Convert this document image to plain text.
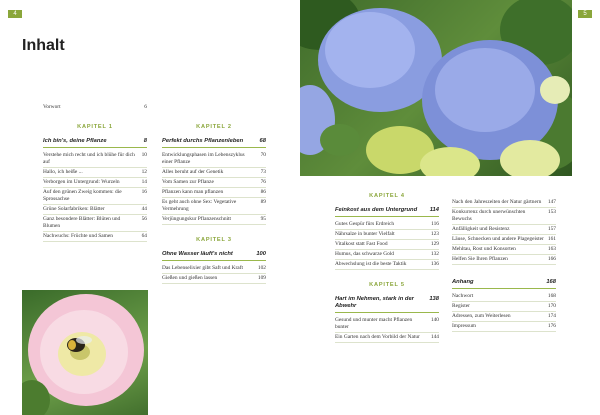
4	5
Inhalt
Vorwort	6
KAPITEL 1
Ich bin's, deine Pflanze	8
Verstehe mich recht und ich blühe für dich auf
10
Hallo, ich heiße ...	12
Verborgen im Untergrund: Wurzeln	14
Auf den grünen Zweig kommen: die Sprossachse
16
Grüne Solarfabriken: Blätter	44
Ganz besondere Blätter: Blüten und Blumen
56
Nachwuchs: Früchte und Samen	64
KAPITEL 2
Perfekt durchs Pflanzenleben	68
Entwicklungsphasen im Lebenszyklus einer Pflanze
70
Alles beruht auf der Genetik	73
Vom Samen zur Pflanze	76
Pflanzen kann man pflanzen	86
Es geht auch ohne Sex: Vegetative Vermehrung
89
Verjüngungskur Pflanzenschnitt	95
KAPITEL 3
Ohne Wasser läuft's nicht	100
Das Lebenselixier gibt Saft und Kraft	102
Gießen und gießen lassen	109
KAPITEL 4
Feinkost aus dem Untergrund 114
Gutes Gespür fürs Erdreich	116
Nährsalze in bunter Vielfalt	123
Vitalkost statt Fast Food	129
Humus, das schwarze Gold	132
Abwechslung ist die beste Taktik	136
KAPITEL 5
Hart im Nehmen, stark in der Abwehr
138
Gesund und munter macht Pflanzen bunter
140
Ein Garten nach dem Vorbild der Natur	144
Nach den Jahreszeiten der Natur gärtnern	147
Konkurrenz durch unerwünschten Bewuchs
153
Anfälligkeit und Resistenz	157
Läuse, Schnecken und andere Plagegeister 161
Mehltau, Rost und Konsorten	163
Helfen Sie Ihren Pflanzen	166
Anhang	168
Nachwort	168
Register	170
Adressen, zum Weiterlesen	174
Impressum	176
